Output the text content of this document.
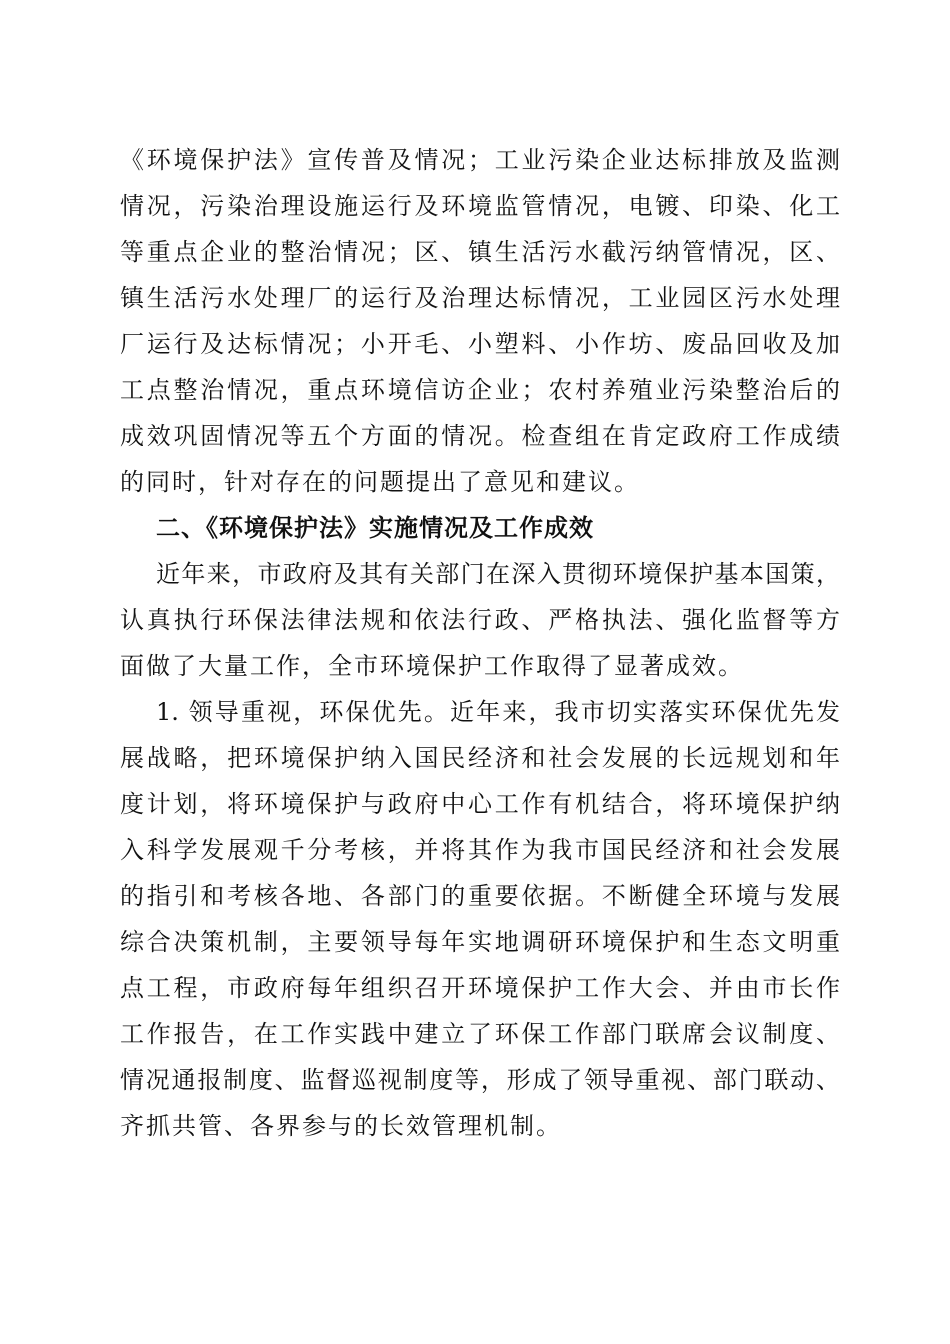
《环境保护法》宣传普及情况；工业污染企业达标排放及监测
情况，污染治理设施运行及环境监管情况，电镀、印染、化工
等重点企业的整治情况；区、镇生活污水截污纳管情况，区、
镇生活污水处理厂的运行及治理达标情况，工业园区污水处理
厂运行及达标情况；小开毛、小塑料、小作坊、废品回收及加
工点整治情况，重点环境信访企业；农村养殖业污染整治后的
成效巩固情况等五个方面的情况。检查组在肯定政府工作成绩
的同时，针对存在的问题提出了意见和建议。
二、《环境保护法》实施情况及工作成效
近年来，市政府及其有关部门在深入贯彻环境保护基本国策，
认真执行环保法律法规和依法行政、严格执法、强化监督等方
面做了大量工作，全市环境保护工作取得了显著成效。
1. 领导重视，环保优先。近年来，我市切实落实环保优先发
展战略，把环境保护纳入国民经济和社会发展的长远规划和年
度计划，将环境保护与政府中心工作有机结合，将环境保护纳
入科学发展观千分考核，并将其作为我市国民经济和社会发展
的指引和考核各地、各部门的重要依据。不断健全环境与发展
综合决策机制，主要领导每年实地调研环境保护和生态文明重
点工程，市政府每年组织召开环境保护工作大会、并由市长作
工作报告，在工作实践中建立了环保工作部门联席会议制度、
情况通报制度、监督巡视制度等，形成了领导重视、部门联动、
齐抓共管、各界参与的长效管理机制。
